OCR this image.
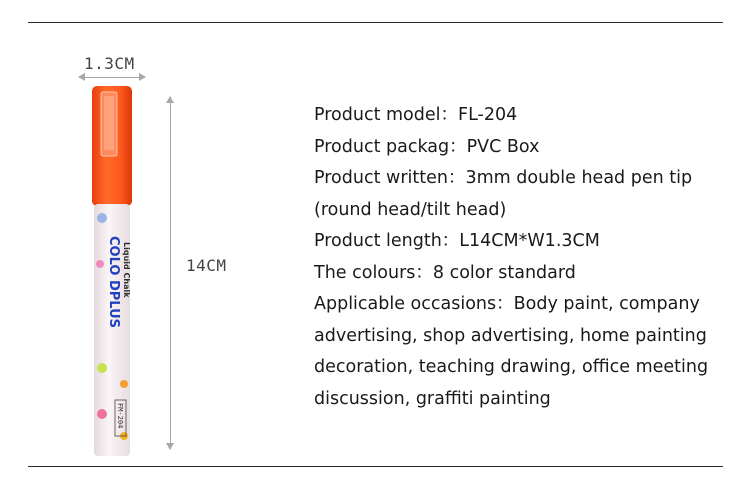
1.3CM
14CM
COLO DPLUS Liquid Chalk
FM-204
Product model：FL-204
Product packag：PVC Box
Product written：3mm double head pen tip
(round head/tilt head)
Product length：L14CM*W1.3CM
The colours：8 color standard
Applicable occasions：Body paint, company
advertising, shop advertising, home painting
decoration, teaching drawing, office meeting
discussion, graffiti painting
